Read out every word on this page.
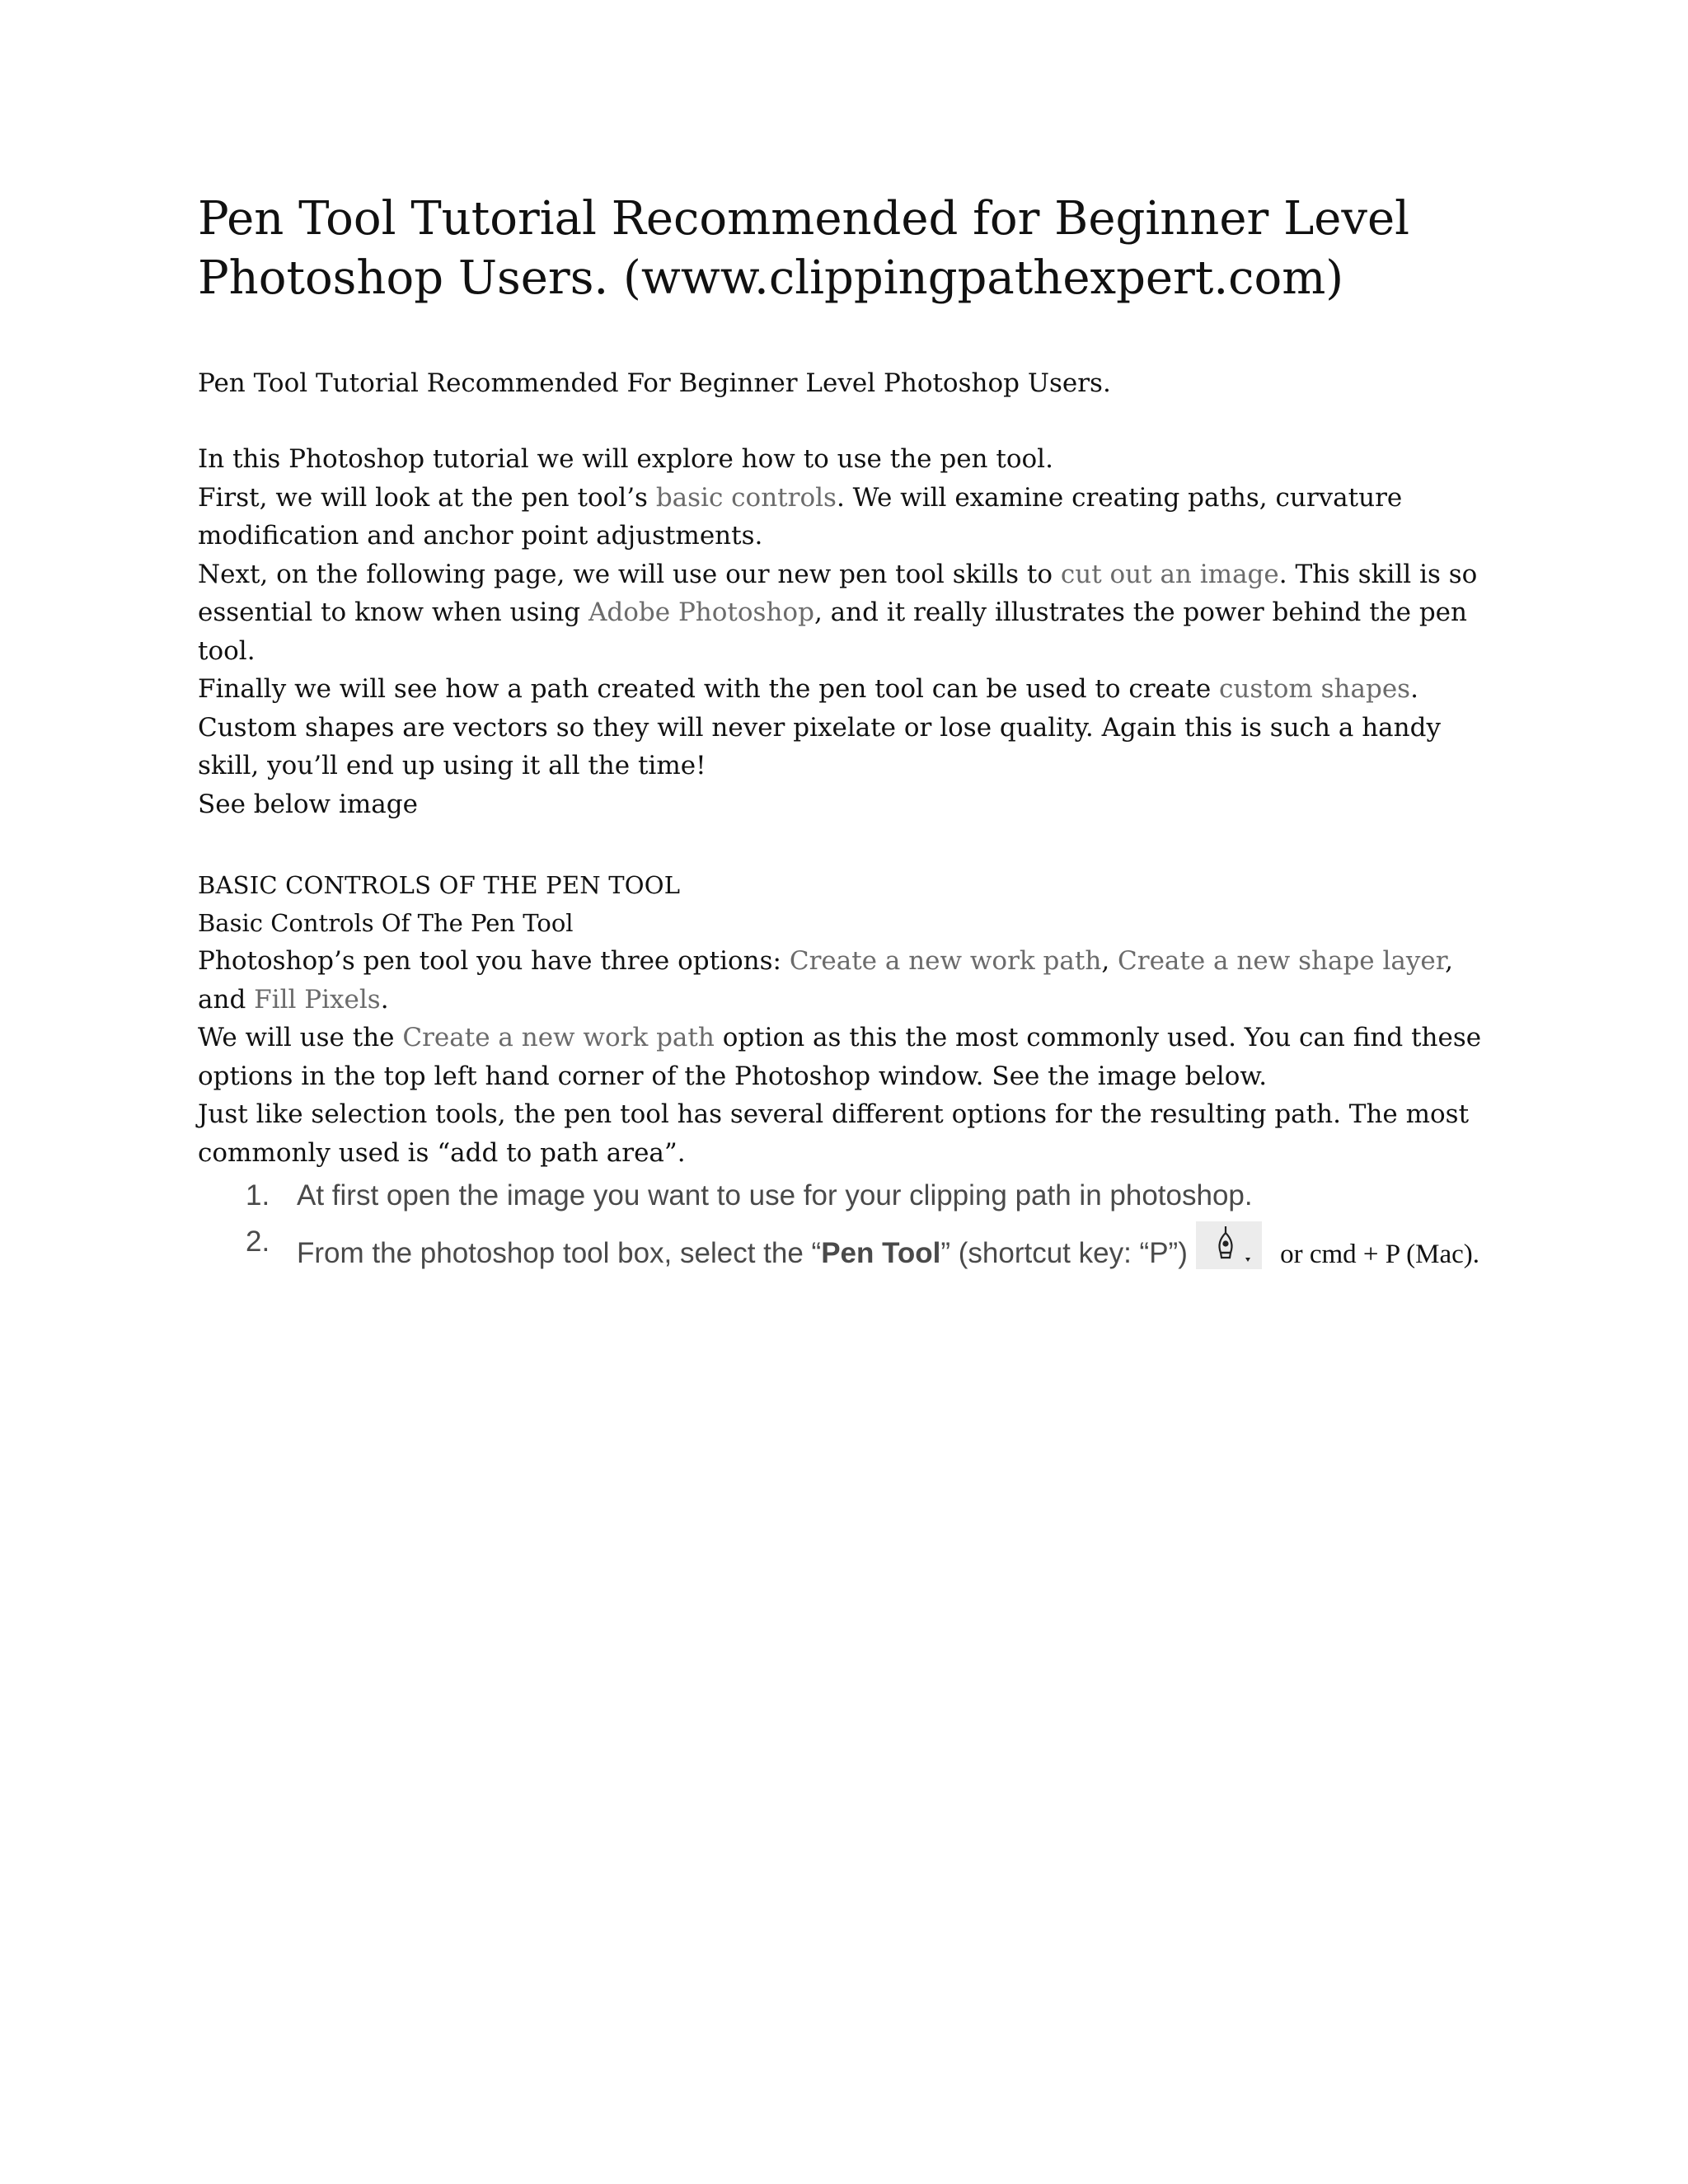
Pen Tool Tutorial Recommended for Beginner Level
Photoshop Users. (www.clippingpathexpert.com)
Pen Tool Tutorial Recommended For Beginner Level Photoshop Users.

In this Photoshop tutorial we will explore how to use the pen tool.

First, we will look at the pen tool’s basic controls. We will examine creating paths, curvature modification and anchor point adjustments.

Next, on the following page, we will use our new pen tool skills to cut out an image. This skill is so essential to know when using Adobe Photoshop, and it really illustrates the power behind the pen tool.

Finally we will see how a path created with the pen tool can be used to create custom shapes. Custom shapes are vectors so they will never pixelate or lose quality. Again this is such a handy skill, you’ll end up using it all the time!

See below image

BASIC CONTROLS OF THE PEN TOOL
Basic Controls Of The Pen Tool

Photoshop’s pen tool you have three options: Create a new work path, Create a new shape layer, and Fill Pixels.

We will use the Create a new work path option as this the most commonly used. You can find these options in the top left hand corner of the Photoshop window. See the image below.

Just like selection tools, the pen tool has several different options for the resulting path. The most commonly used is “add to path area”.

1. At first open the image you want to use for your clipping path in photoshop.
2. From the photoshop tool box, select the “Pen Tool” (shortcut key: “P”)	or cmd + P (Mac).
